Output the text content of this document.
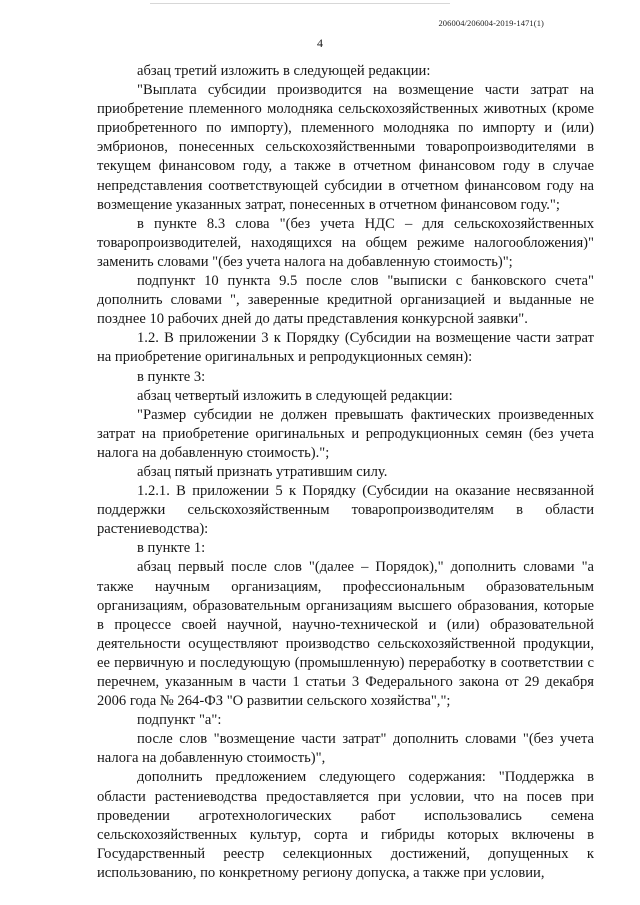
206004/206004-2019-1471(1)
4

абзац третий изложить в следующей редакции:

"Выплата субсидии производится на возмещение части затрат на приобретение племенного молодняка сельскохозяйственных животных (кроме приобретенного по импорту), племенного молодняка по импорту и (или) эмбрионов, понесенных сельскохозяйственными товаропроизводителями в текущем финансовом году, а также в отчетном финансовом году в случае непредставления соответствующей субсидии в отчетном финансовом году на возмещение указанных затрат, понесенных в отчетном финансовом году.";

в пункте 8.3 слова "(без учета НДС – для сельскохозяйственных товаропроизводителей, находящихся на общем режиме налогообложения)" заменить словами "(без учета налога на добавленную стоимость)";

подпункт 10 пункта 9.5 после слов "выписки с банковского счета" дополнить словами ", заверенные кредитной организацией и выданные не позднее 10 рабочих дней до даты представления конкурсной заявки".

1.2. В приложении 3 к Порядку (Субсидии на возмещение части затрат на приобретение оригинальных и репродукционных семян):

в пункте 3:

абзац четвертый изложить в следующей редакции:

"Размер субсидии не должен превышать фактических произведенных затрат на приобретение оригинальных и репродукционных семян (без учета налога на добавленную стоимость).";

абзац пятый признать утратившим силу.

1.2.1. В приложении 5 к Порядку (Субсидии на оказание несвязанной поддержки сельскохозяйственным товаропроизводителям в области растениеводства):

в пункте 1:

абзац первый после слов "(далее – Порядок)," дополнить словами "а также научным организациям, профессиональным образовательным организациям, образовательным организациям высшего образования, которые в процессе своей научной, научно-технической и (или) образовательной деятельности осуществляют производство сельскохозяйственной продукции, ее первичную и последующую (промышленную) переработку в соответствии с перечнем, указанным в части 1 статьи 3 Федерального закона от 29 декабря 2006 года № 264-ФЗ "О развитии сельского хозяйства",";

подпункт "а":

после слов "возмещение части затрат" дополнить словами "(без учета налога на добавленную стоимость)",

дополнить предложением следующего содержания: "Поддержка в области растениеводства предоставляется при условии, что на посев при проведении агротехнологических работ использовались семена сельскохозяйственных культур, сорта и гибриды которых включены в Государственный реестр селекционных достижений, допущенных к использованию, по конкретному региону допуска, а также при условии,
